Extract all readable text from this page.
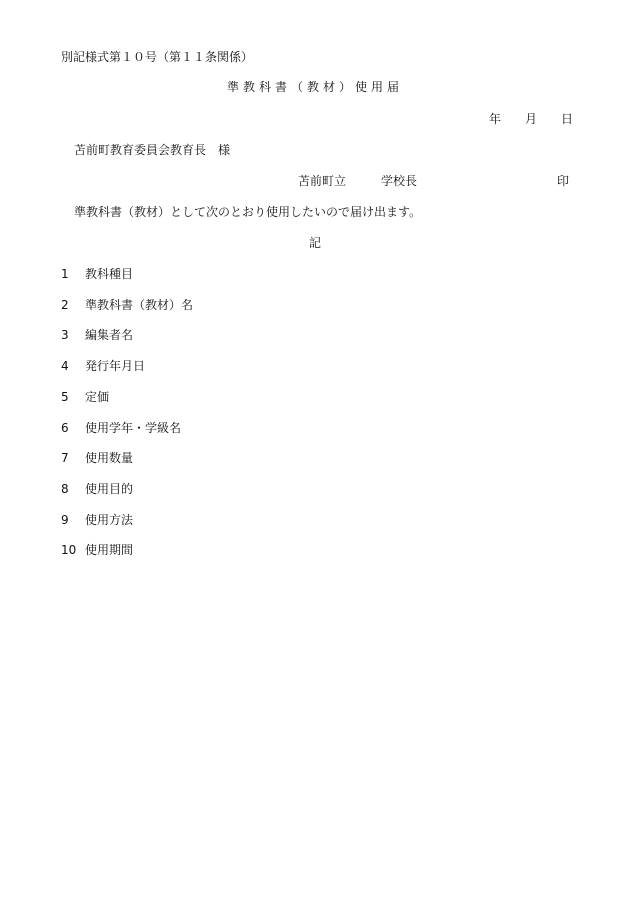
別記様式第１０号（第１１条関係）
準教科書（教材）使用届
年 月 日
苫前町教育委員会教育長　様
苫前町立	学校長	印
準教科書（教材）として次のとおり使用したいので届け出ます。
記
1 教科種目
2 準教科書（教材）名
3 編集者名
4 発行年月日
5 定価
6 使用学年・学級名
7 使用数量
8 使用目的
9 使用方法
10 使用期間
